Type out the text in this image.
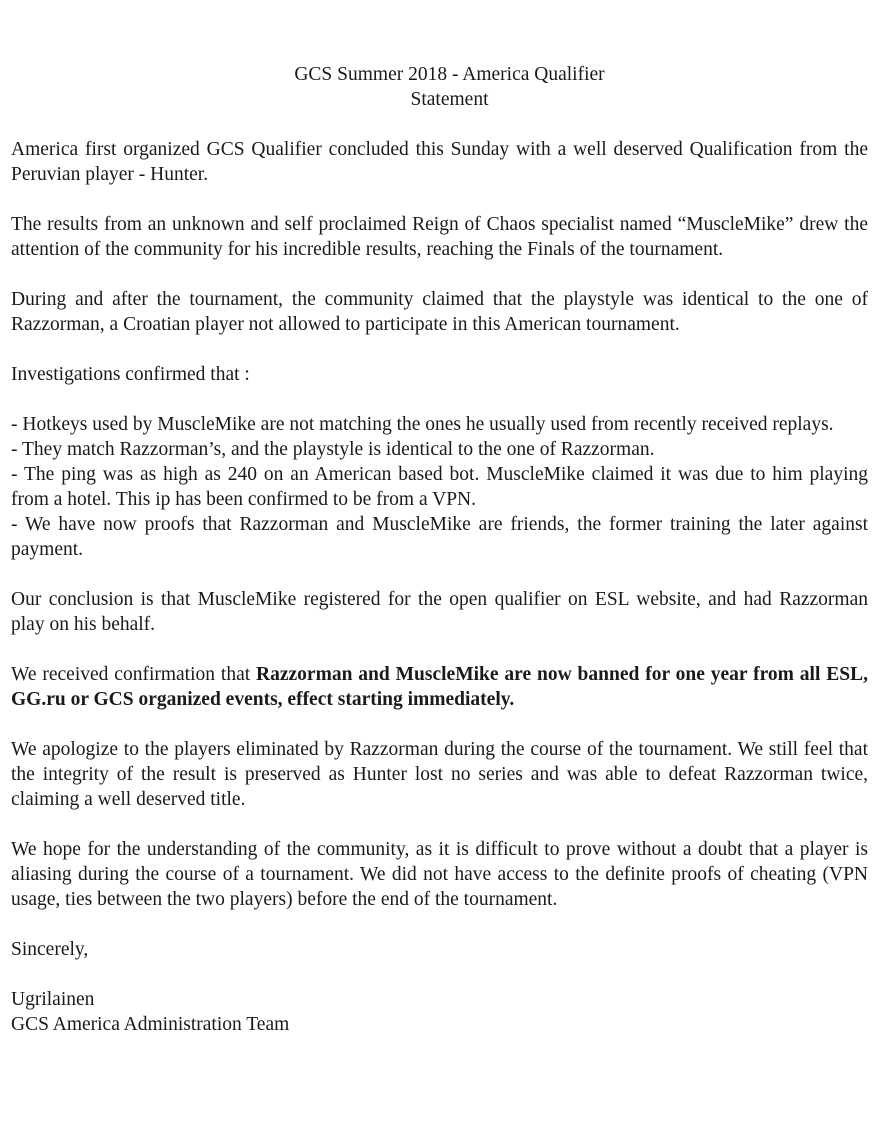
GCS Summer 2018 - America Qualifier
Statement

America first organized GCS Qualifier concluded this Sunday with a well deserved Qualification from the Peruvian player - Hunter.

The results from an unknown and self proclaimed Reign of Chaos specialist named “MuscleMike” drew the attention of the community for his incredible results, reaching the Finals of the tournament.

During and after the tournament, the community claimed that the playstyle was identical to the one of Razzorman, a Croatian player not allowed to participate in this American tournament.

Investigations confirmed that :

- Hotkeys used by MuscleMike are not matching the ones he usually used from recently received replays.

- They match Razzorman’s, and the playstyle is identical to the one of Razzorman.

- The ping was as high as 240 on an American based bot. MuscleMike claimed it was due to him playing from a hotel. This ip has been confirmed to be from a VPN.

- We have now proofs that Razzorman and MuscleMike are friends, the former training the later against payment.

Our conclusion is that MuscleMike registered for the open qualifier on ESL website, and had Razzorman play on his behalf.

We received confirmation that Razzorman and MuscleMike are now banned for one year from all ESL, GG.ru or GCS organized events, effect starting immediately.

We apologize to the players eliminated by Razzorman during the course of the tournament. We still feel that the integrity of the result is preserved as Hunter lost no series and was able to defeat Razzorman twice, claiming a well deserved title.

We hope for the understanding of the community, as it is difficult to prove without a doubt that a player is aliasing during the course of a tournament. We did not have access to the definite proofs of cheating (VPN usage, ties between the two players) before the end of the tournament.

Sincerely,

Ugrilainen

GCS America Administration Team
